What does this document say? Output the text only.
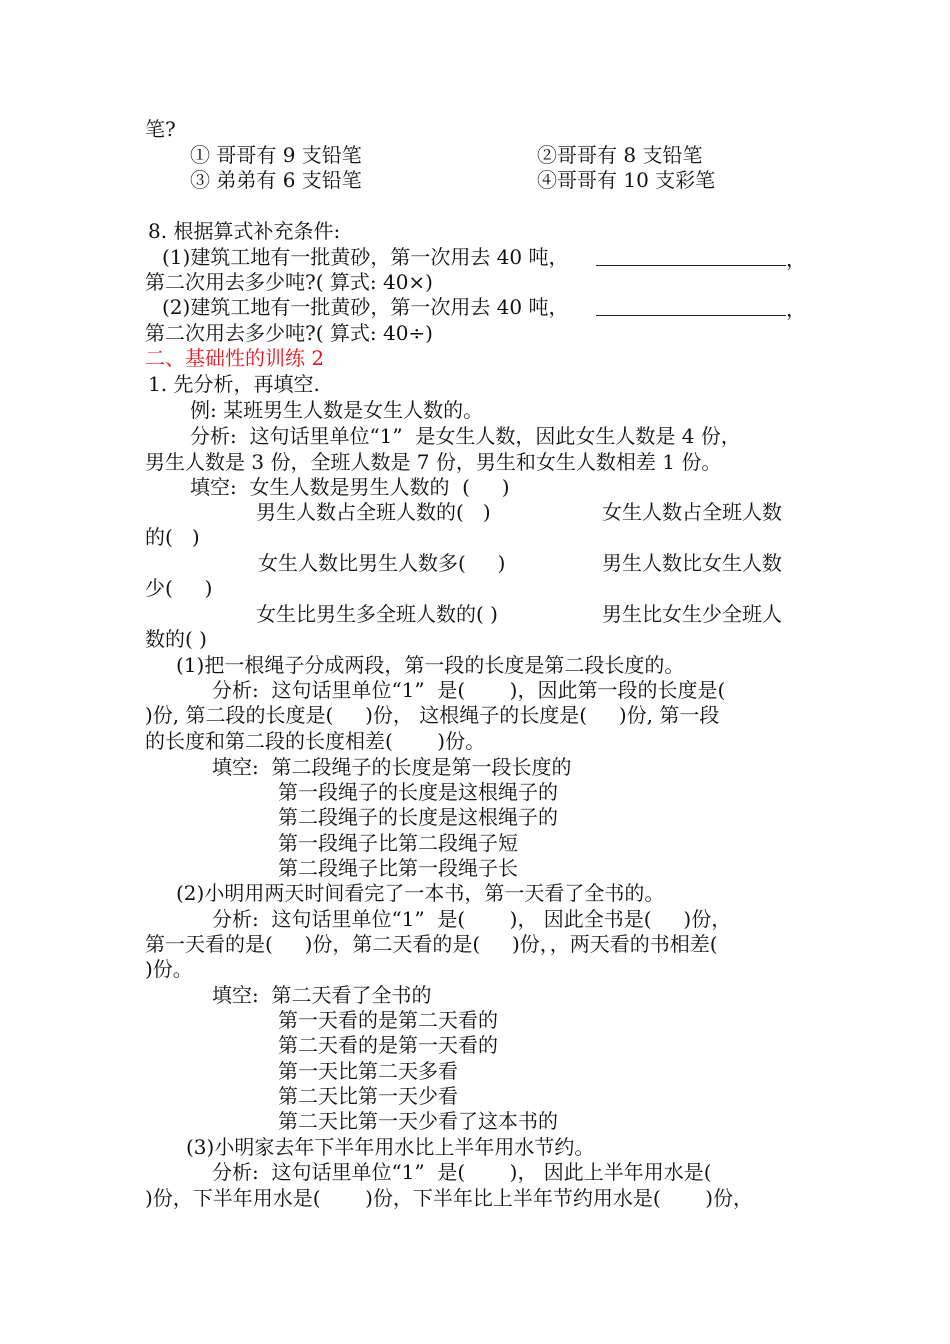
笔?
① 哥哥有 9 支铅笔	②哥哥有 8 支铅笔
③ 弟弟有 6 支铅笔	④哥哥有 10 支彩笔
8. 根据算式补充条件:
(1)建筑工地有一批黄砂，第一次用去 40 吨，	，
第二次用去多少吨?( 算式: 40×)
(2)建筑工地有一批黄砂，第一次用去 40 吨，	，
第二次用去多少吨?( 算式: 40÷)
二、基础性的训练 2
1. 先分析，再填空.
例: 某班男生人数是女生人数的。
分析:  这句话里单位“1”  是女生人数，因此女生人数是 4 份，
男生人数是 3 份，全班人数是 7 份，男生和女生人数相差 1 份。
填空:  女生人数是男生人数的  (     )
男生人数占全班人数的(   )	女生人数占全班人数
的(   )
女生人数比男生人数多(     )	男生人数比女生人数
少(     )
女生比男生多全班人数的( )	男生比女生少全班人
数的( )
(1)把一根绳子分成两段，第一段的长度是第二段长度的。
分析:  这句话里单位“1”  是(       )，因此第一段的长度是(
)份, 第二段的长度是(     )份， 这根绳子的长度是(     )份, 第一段
的长度和第二段的长度相差(       )份。
填空:  第二段绳子的长度是第一段长度的
第一段绳子的长度是这根绳子的
第二段绳子的长度是这根绳子的
第一段绳子比第二段绳子短
第二段绳子比第一段绳子长
(2)小明用两天时间看完了一本书，第一天看了全书的。
分析:  这句话里单位“1”  是(       )， 因此全书是(     )份，
第一天看的是(     )份，第二天看的是(     )份，，两天看的书相差(
)份。
填空:  第二天看了全书的
第一天看的是第二天看的
第二天看的是第一天看的
第一天比第二天多看
第二天比第一天少看
第二天比第一天少看了这本书的
(3)小明家去年下半年用水比上半年用水节约。
分析:  这句话里单位“1”  是(       )， 因此上半年用水是(
)份，下半年用水是(       )份，下半年比上半年节约用水是(       )份，
